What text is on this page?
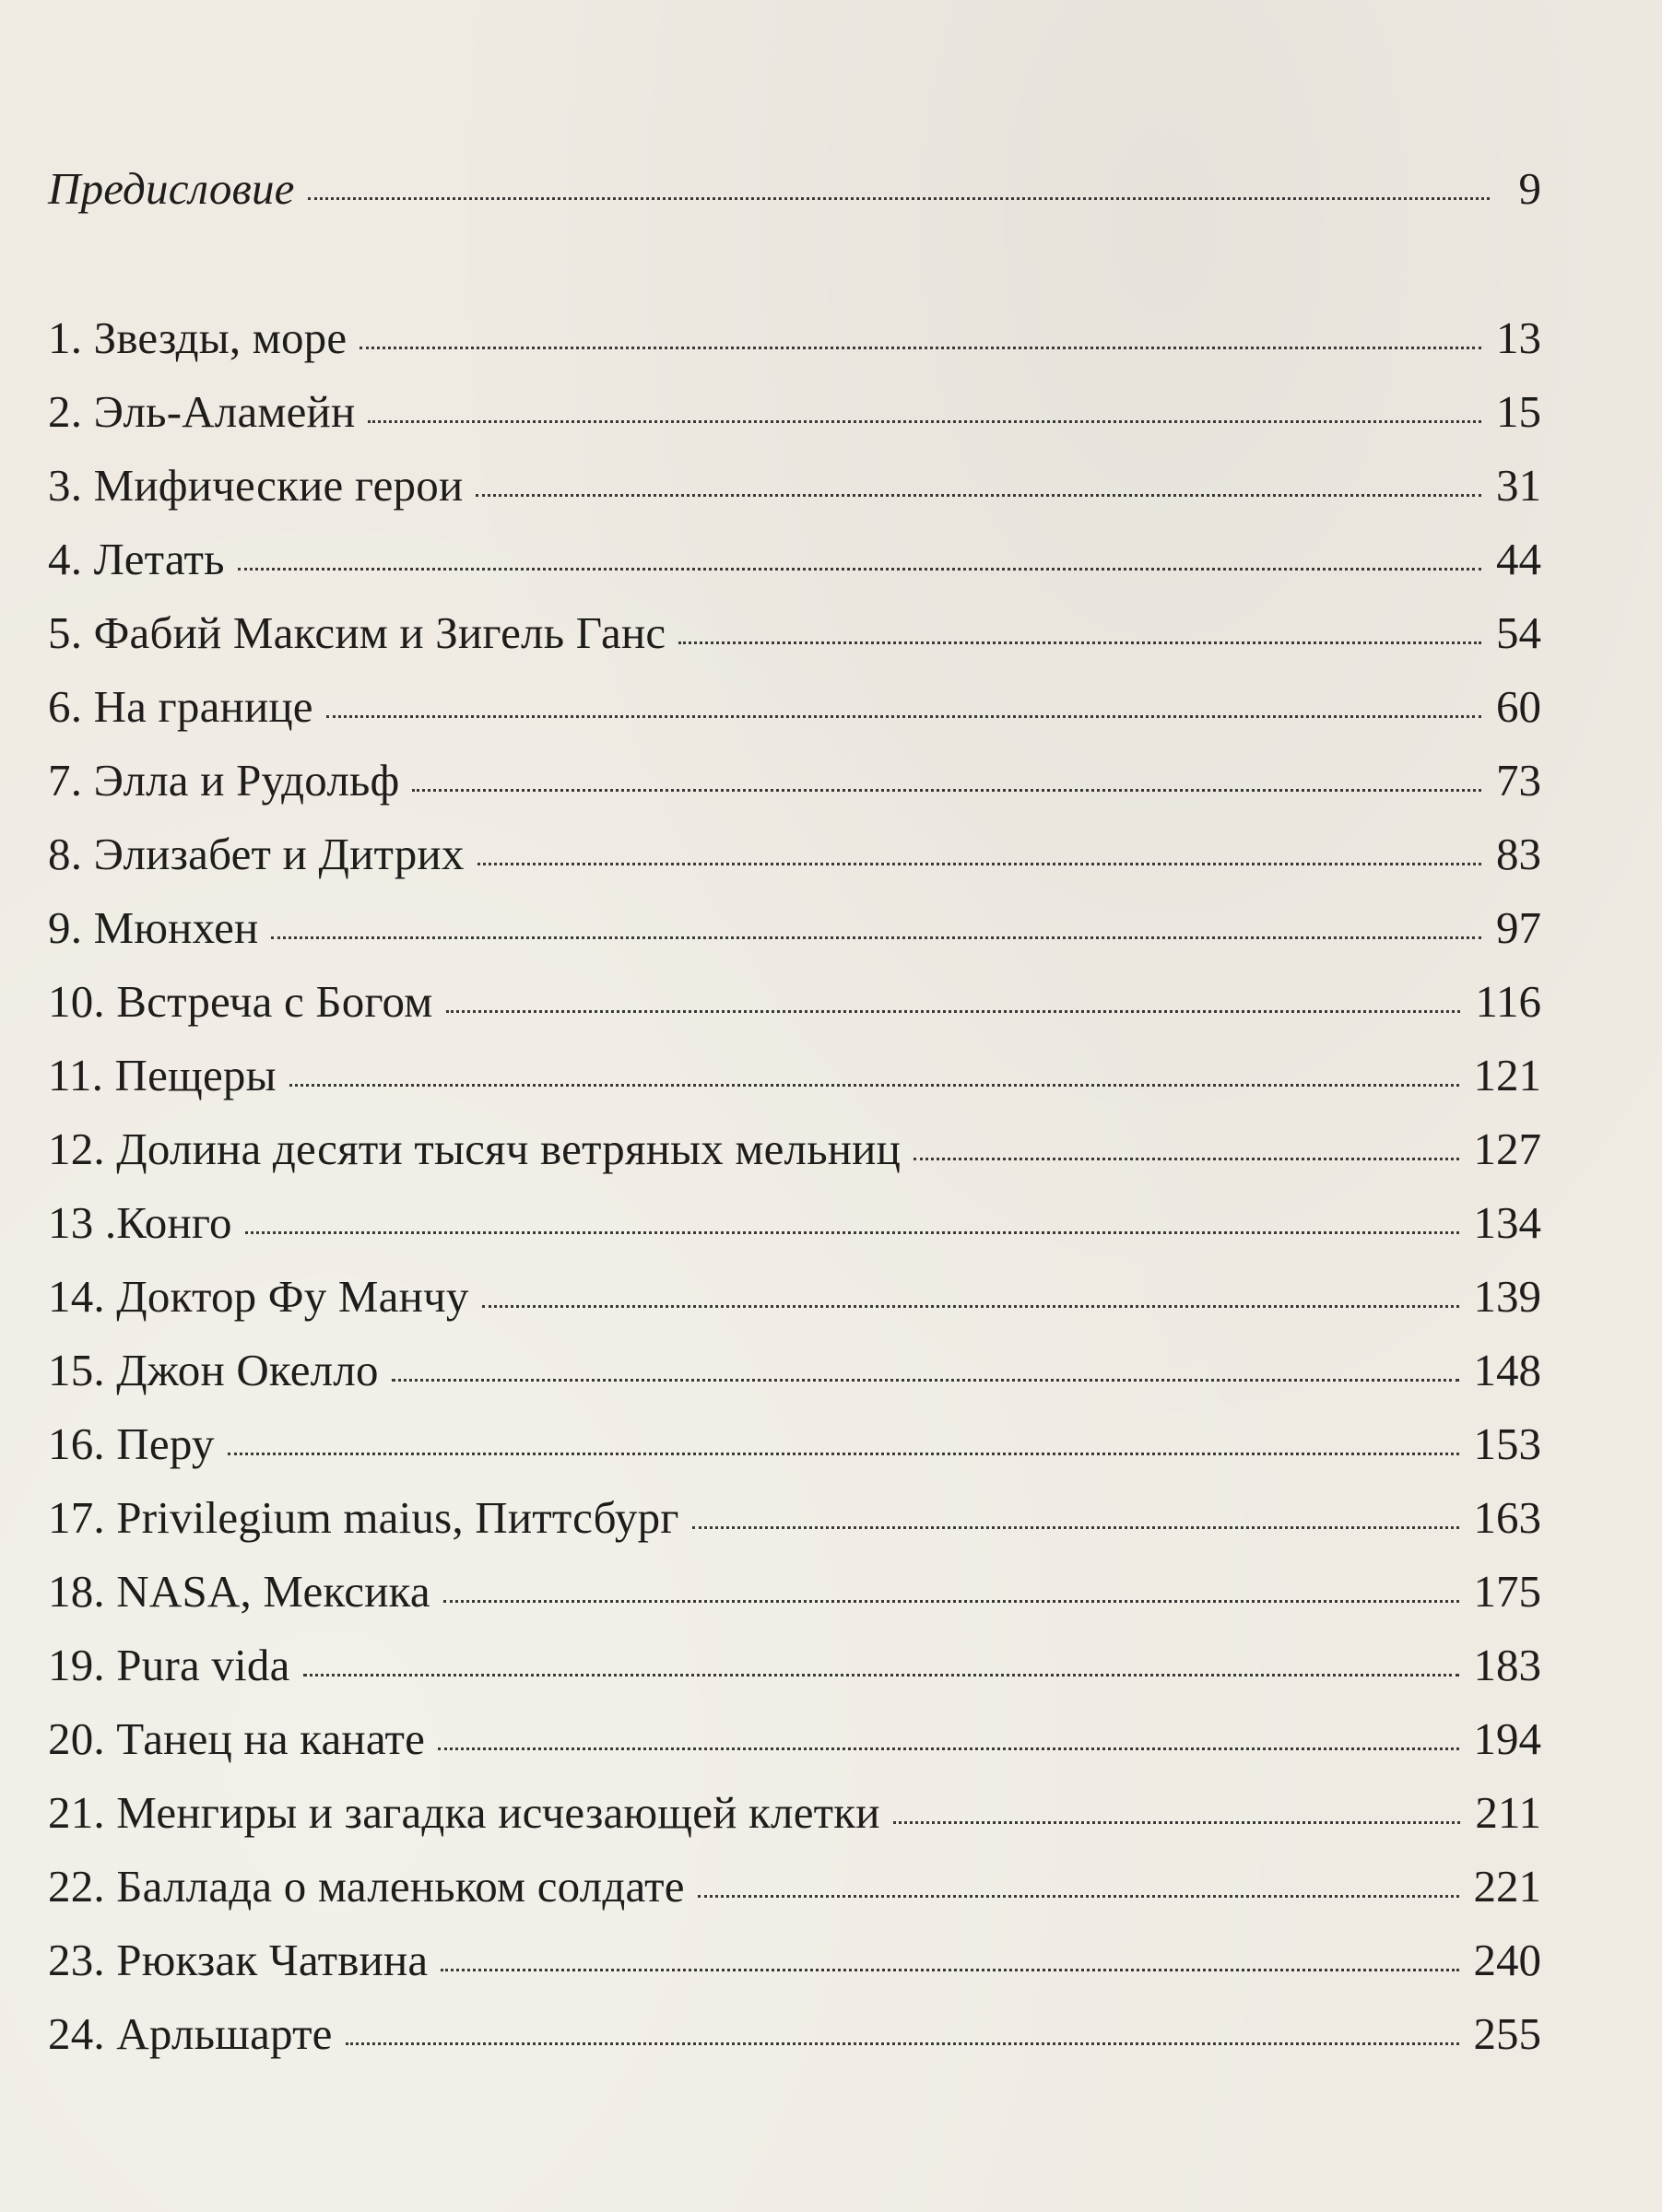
Предисловие	9
1. Звезды, море	13
2. Эль-Аламейн	15
3. Мифические герои	31
4. Летать	44
5. Фабий Максим и Зигель Ганс	54
6. На границе	60
7. Элла и Рудольф	73
8. Элизабет и Дитрих	83
9. Мюнхен	97
10. Встреча с Богом	116
11. Пещеры	121
12. Долина десяти тысяч ветряных мельниц	127
13 .Конго	134
14. Доктор Фу Манчу	139
15. Джон Окелло	148
16. Перу	153
17. Privilegium maius, Питтсбург	163
18. NASA, Мексика	175
19. Pura vida	183
20. Танец на канате	194
21. Менгиры и загадка исчезающей клетки	211
22. Баллада о маленьком солдате	221
23. Рюкзак Чатвина	240
24. Арльшарте	255
